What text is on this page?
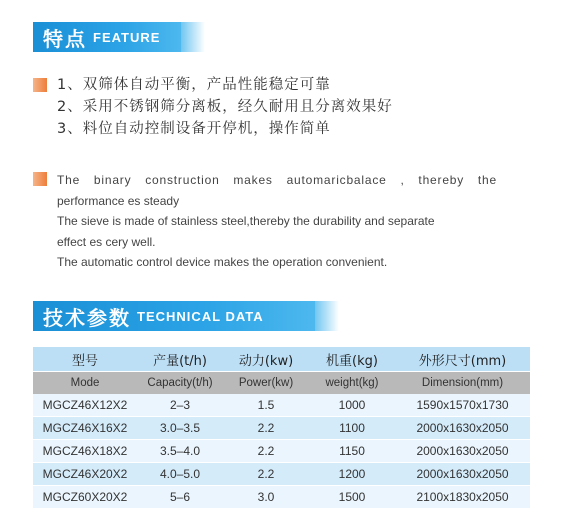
特点 FEATURE
1、双筛体自动平衡，产品性能稳定可靠
2、采用不锈钢筛分离板，经久耐用且分离效果好
3、料位自动控制设备开停机，操作简单
The binary construction makes automaricbalace , thereby the
performance es steady
The sieve is made of stainless steel,thereby the durability and separate
effect es cery well.
The automatic control device makes the operation convenient.
技术参数 TECHNICAL DATA
型号	产量(t/h)	动力(kw)	机重(kg)	外形尺寸(mm)
Mode	Capacity(t/h)	Power(kw)	weight(kg)	Dimension(mm)
MGCZ46X12X2	2–3	1.5	1000	1590x1570x1730
MGCZ46X16X2	3.0–3.5	2.2	1100	2000x1630x2050
MGCZ46X18X2	3.5–4.0	2.2	1150	2000x1630x2050
MGCZ46X20X2	4.0–5.0	2.2	1200	2000x1630x2050
MGCZ60X20X2	5–6	3.0	1500	2100x1830x2050
